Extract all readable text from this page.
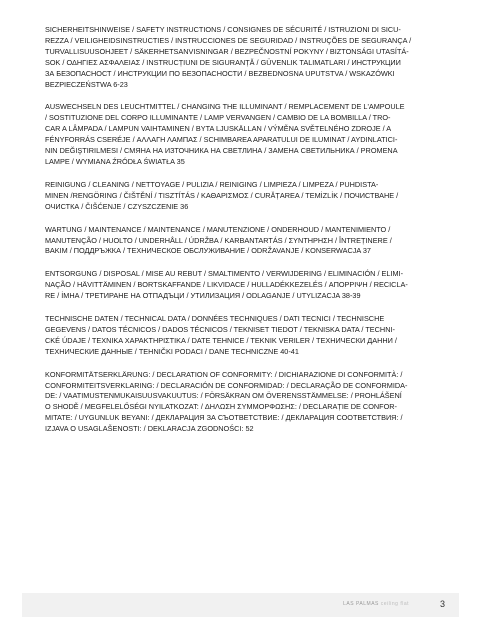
SICHERHEITSHINWEISE / SAFETY INSTRUCTIONS / CONSIGNES DE SÉCURITÉ / ISTRUZIONI DI SICU-
REZZA / VEILIGHEIDSINSTRUCTIES / INSTRUCCIONES DE SEGURIDAD / INSTRUÇÕES DE SEGURANÇA /
TURVALLISUUSOHJEET / SÄKERHETSANVISNINGAR / BEZPEČNOSTNÍ POKYNY / BIZTONSÁGI UTASÍTÁ-
SOK / ΟΔΗΓΙΕΣ ΑΣΦΑΛΕΙΑΣ / INSTRUCȚIUNI DE SIGURANȚĂ / GÜVENLIK TALIMATLARI / ИНСТРУКЦИИ
ЗА БЕЗОПАСНОСТ / ИНСТРУКЦИИ ПО БЕЗОПАСНОСТИ / BEZBEDNOSNA UPUTSTVA / WSKAZÓWKI
BEZPIECZEŃSTWA 6-23
AUSWECHSELN DES LEUCHTMITTEL / CHANGING THE ILLUMINANT / REMPLACEMENT DE L'AMPOULE
/ SOSTITUZIONE DEL CORPO ILLUMINANTE / LAMP VERVANGEN / CAMBIO DE LA BOMBILLA / TRO-
CAR A LÂMPADA / LAMPUN VAIHTAMINEN / BYTA LJUSKÄLLAN / VÝMĚNA SVĚTELNÉHO ZDROJE / A
FÉNYFORRÁS CSERÉJE / ΑΛΛΑΓΗ ΛΑΜΠΑΣ / SCHIMBAREA APARATULUI DE ILUMINAT / AYDINLATICI-
NIN DEĞIŞTIRILMESI / СМЯНА НА ИЗТОЧНИКА НА СВЕТЛИНА / ЗАМЕНА СВЕТИЛЬНИКА / PROMENA
LAMPE / WYMIANA ŹRÓDŁA ŚWIATŁA 35
REINIGUNG / CLEANING / NETTOYAGE / PULIZIA / REINIGING / LIMPIEZA / LIMPEZA / PUHDISTA-
MINEN /RENGÖRING / ČIŠTĚNÍ / TISZTÍTÁS / ΚΑΘΑΡΙΣΜΟΣ / CURĂȚAREA / TEMİZLİK / ПОЧИСТВАНЕ /
ОЧИСТКА / ČIŠĆENJE / CZYSZCZENIE 36
WARTUNG / MAINTENANCE / MAINTENANCE / MANUTENZIONE / ONDERHOUD / MANTENIMIENTO /
MANUTENÇÃO / HUOLTO / UNDERHÅLL / ÚDRŽBA / KARBANTARTÁS / ΣΥΝΤΗΡΗΣΗ / ÎNTREȚINERE /
BAKIM / ПОДДРЪЖКА / ТЕХНИЧЕСКОЕ ОБСЛУЖИВАНИЕ / ODRŽAVANJE / KONSERWACJA 37
ENTSORGUNG / DISPOSAL / MISE AU REBUT / SMALTIMENTO / VERWIJDERING / ELIMINACIÓN / ELIMI-
NAÇÃO / HÄVITTÄMINEN / BORTSKAFFANDE / LIKVIDACE / HULLADÉKKEZELÉS / ΑΠΟΡΡΙΨΗ / RECICLA-
RE / İMHA / ТРЕТИРАНЕ НА ОТПАДЪЦИ / УТИЛИЗАЦИЯ / ODLAGANJE / UTYLIZACJA 38-39
TECHNISCHE DATEN / TECHNICAL DATA / DONNÉES TECHNIQUES / DATI TECNICI / TECHNISCHE
GEGEVENS / DATOS TÉCNICOS / DADOS TÉCNICOS / TEKNISET TIEDOT / TEKNISKA DATA / TECHNI-
CKÉ ÚDAJE / TEXNIKA ΧΑΡΑΚΤΗΡΙΣΤΙΚΑ / DATE TEHNICE / TEKNIK VERILER / ТЕХНИЧЕСКИ ДАННИ /
ТЕХНИЧЕСКИЕ ДАННЫЕ / TEHNIČKI PODACI / DANE TECHNICZNE 40-41
KONFORMITÄTSERKLÄRUNG: / DECLARATION OF CONFORMITY: / DICHIARAZIONE DI CONFORMITÀ: /
CONFORMITEITSVERKLARING: / DECLARACIÓN DE CONFORMIDAD: / DECLARAÇÃO DE CONFORMIDA-
DE: / VAATIMUSTENMUKAISUUSVAKUUTUS: / FÖRSÄKRAN OM ÖVERENSSTÄMMELSE: / PROHLÁŠENÍ
O SHODĚ / MEGFELELŐSÉGI NYILATKOZAT: / ΔΗΛΩΣΗ ΣΥΜΜΟΡΦΩΣΗΣ: / DECLARAȚIE DE CONFOR-
MITATE: / UYGUNLUK BEYANI: / ДЕКЛАРАЦИЯ ЗА СЪОТВЕТСТВИЕ: / ДЕКЛАРАЦИЯ СООТВЕТСТВИЯ: /
IZJAVA O USAGLAŠENOSTI: / DEKLARACJA ZGODNOŚCI: 52
LAS PALMAS ceiling flat	3
